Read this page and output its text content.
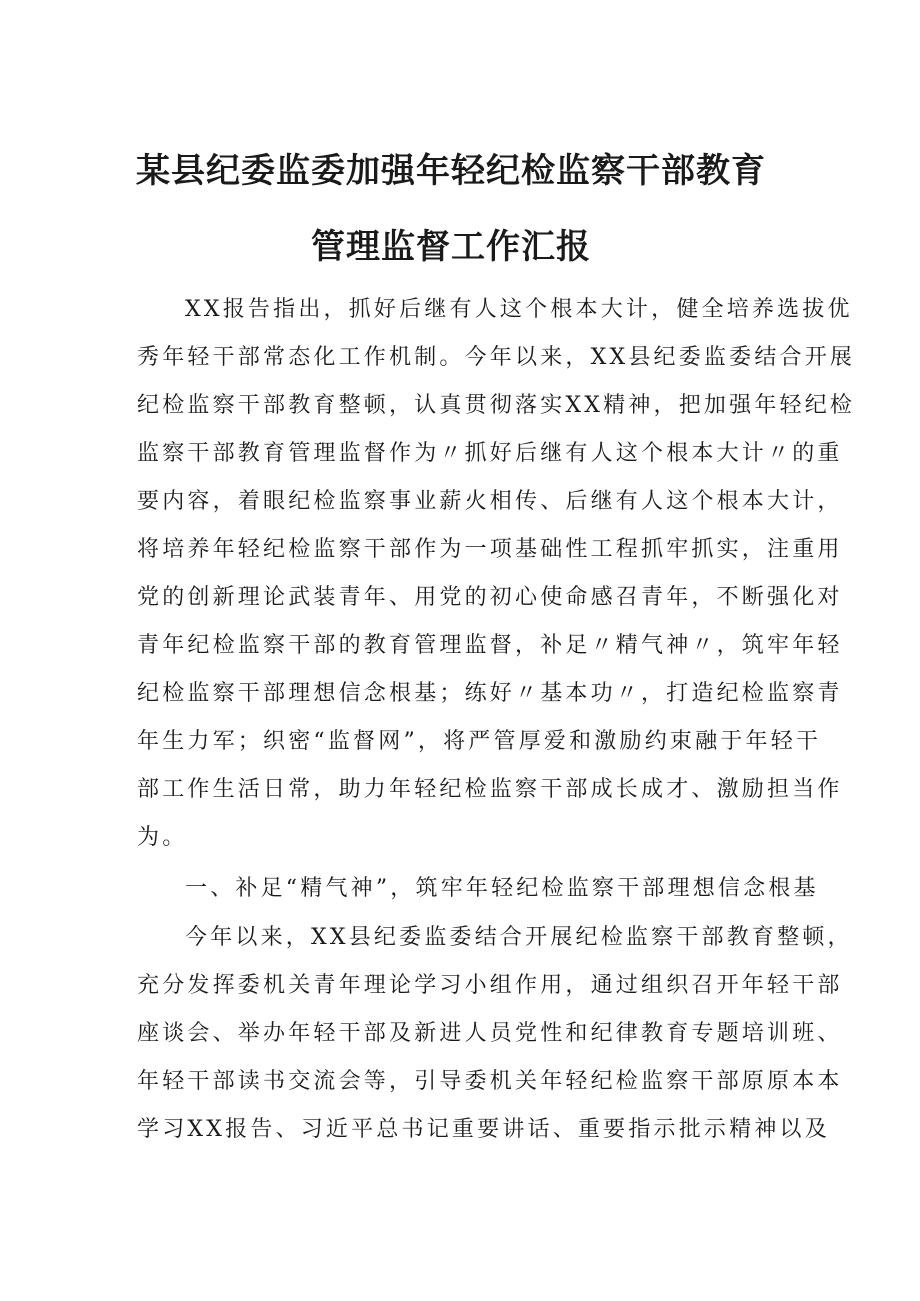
某县纪委监委加强年轻纪检监察干部教育
管理监督工作汇报
XX报告指出，抓好后继有人这个根本大计，健全培养选拔优
秀年轻干部常态化工作机制。今年以来，XX县纪委监委结合开展
纪检监察干部教育整顿，认真贯彻落实XX精神，把加强年轻纪检
监察干部教育管理监督作为〃抓好后继有人这个根本大计〃的重
要内容，着眼纪检监察事业薪火相传、后继有人这个根本大计，
将培养年轻纪检监察干部作为一项基础性工程抓牢抓实，注重用
党的创新理论武装青年、用党的初心使命感召青年，不断强化对
青年纪检监察干部的教育管理监督，补足〃精气神〃，筑牢年轻
纪检监察干部理想信念根基；练好〃基本功〃，打造纪检监察青
年生力军；织密“监督网”，将严管厚爱和激励约束融于年轻干
部工作生活日常，助力年轻纪检监察干部成长成才、激励担当作
为。
一、补足“精气神”，筑牢年轻纪检监察干部理想信念根基
今年以来，XX县纪委监委结合开展纪检监察干部教育整顿，
充分发挥委机关青年理论学习小组作用，通过组织召开年轻干部
座谈会、举办年轻干部及新进人员党性和纪律教育专题培训班、
年轻干部读书交流会等，引导委机关年轻纪检监察干部原原本本
学习XX报告、习近平总书记重要讲话、重要指示批示精神以及
